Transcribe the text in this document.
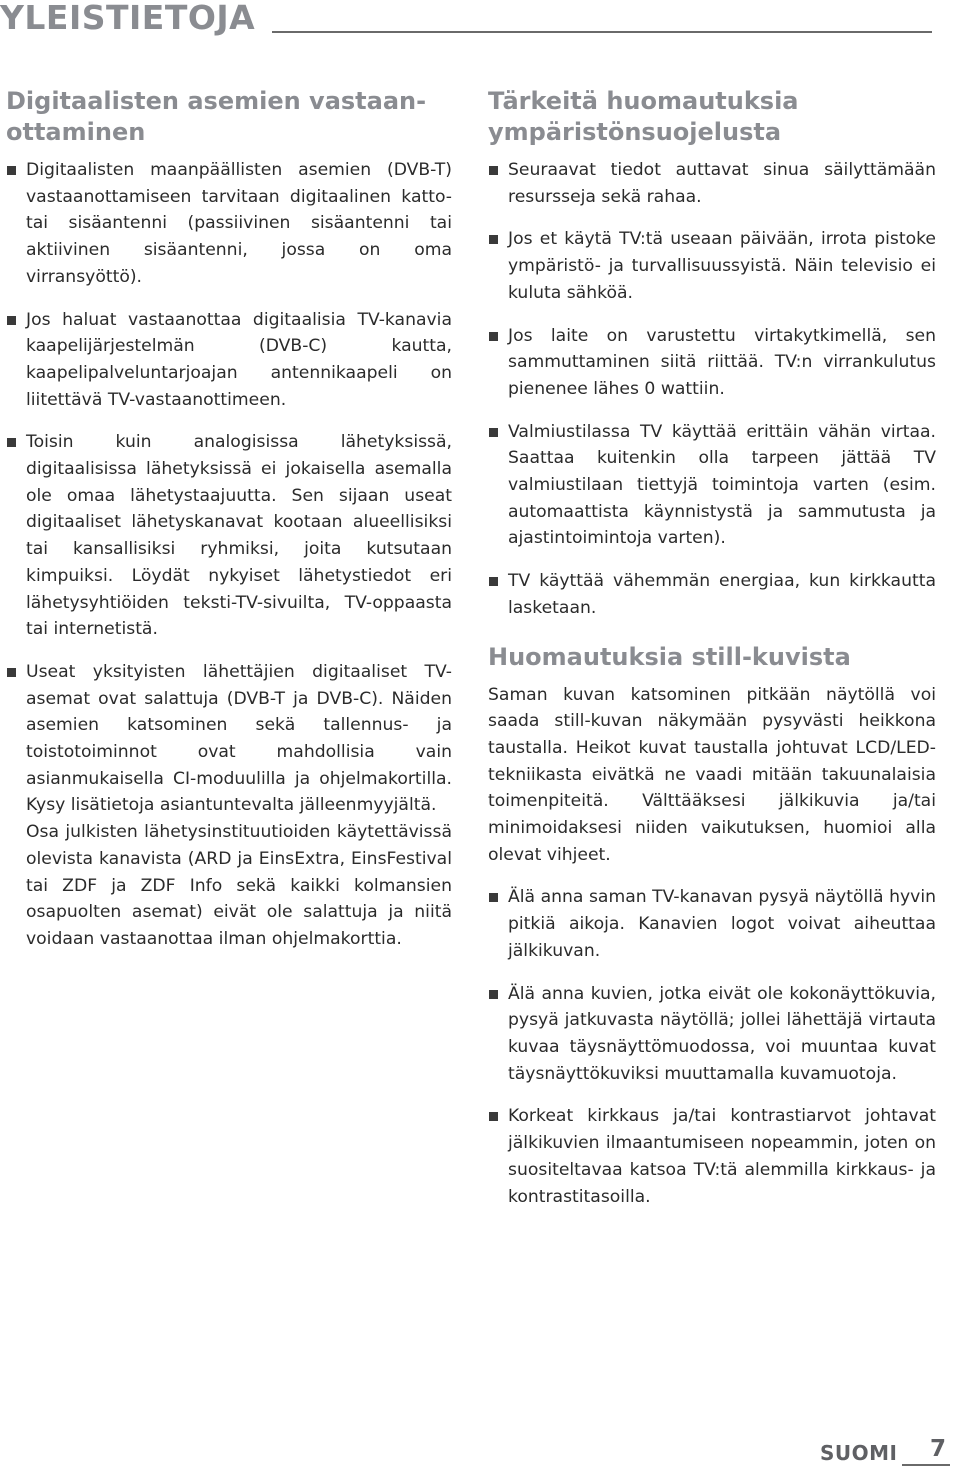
YLEISTIETOJA
Digitaalisten asemien vastaan-ottaminen

Digitaalisten maanpäällisten asemien (DVB-T) vastaanottamiseen tarvitaan digitaalinen katto- tai sisäantenni (passiivinen sisäantenni tai aktiivinen sisäantenni, jossa on oma virransyöttö).

Jos haluat vastaanottaa digitaalisia TV-kanavia kaapelijärjestelmän (DVB-C) kautta, kaapelipalveluntarjoajan antennikaapeli on liitettävä TV-vastaanottimeen.

Toisin kuin analogisissa lähetyksissä, digitaalisissa lähetyksissä ei jokaisella asemalla ole omaa lähetystaajuutta. Sen sijaan useat digitaaliset lähetyskanavat kootaan alueellisiksi tai kansallisiksi ryhmiksi, joita kutsutaan kimpuiksi. Löydät nykyiset lähetystiedot eri lähetysyhtiöiden teksti-TV-sivuilta, TV-oppaasta tai internetistä.

Useat yksityisten lähettäjien digitaaliset TV-asemat ovat salattuja (DVB-T ja DVB-C). Näiden asemien katsominen sekä tallennus- ja toistotoiminnot ovat mahdollisia vain asianmukaisella CI-moduulilla ja ohjelmakortilla. Kysy lisätietoja asiantuntevalta jälleenmyyjältä.

Osa julkisten lähetysinstituutioiden käytettävissä olevista kanavista (ARD ja EinsExtra, EinsFestival tai ZDF ja ZDF Info sekä kaikki kolmansien osapuolten asemat) eivät ole salattuja ja niitä voidaan vastaanottaa ilman ohjelmakorttia.

Tärkeitä huomautuksia ympäristönsuojelusta

Seuraavat tiedot auttavat sinua säilyttämään resursseja sekä rahaa.

Jos et käytä TV:tä useaan päivään, irrota pistoke ympäristö- ja turvallisuussyistä. Näin televisio ei kuluta sähköä.

Jos laite on varustettu virtakytkimellä, sen sammuttaminen siitä riittää. TV:n virrankulutus pienenee lähes 0 wattiin.

Valmiustilassa TV käyttää erittäin vähän virtaa. Saattaa kuitenkin olla tarpeen jättää TV valmiustilaan tiettyjä toimintoja varten (esim. automaattista käynnistystä ja sammutusta ja ajastintoimintoja varten).

TV käyttää vähemmän energiaa, kun kirkkautta lasketaan.

Huomautuksia still-kuvista

Saman kuvan katsominen pitkään näytöllä voi saada still-kuvan näkymään pysyvästi heikkona taustalla. Heikot kuvat taustalla johtuvat LCD/LED-tekniikasta eivätkä ne vaadi mitään takuunalaisia toimenpiteitä. Välttääksesi jälkikuvia ja/tai minimoidaksesi niiden vaikutuksen, huomioi alla olevat vihjeet.

Älä anna saman TV-kanavan pysyä näytöllä hyvin pitkiä aikoja. Kanavien logot voivat aiheuttaa jälkikuvan.

Älä anna kuvien, jotka eivät ole kokonäyttökuvia, pysyä jatkuvasta näytöllä; jollei lähettäjä virtauta kuvaa täysnäyttömuodossa, voi muuntaa kuvat täysnäyttökuviksi muuttamalla kuvamuotoja.

Korkeat kirkkaus ja/tai kontrastiarvot johtavat jälkikuvien ilmaantumiseen nopeammin, joten on suositeltavaa katsoa TV:tä alemmilla kirkkaus- ja kontrastitasoilla.

SUOMI 7
